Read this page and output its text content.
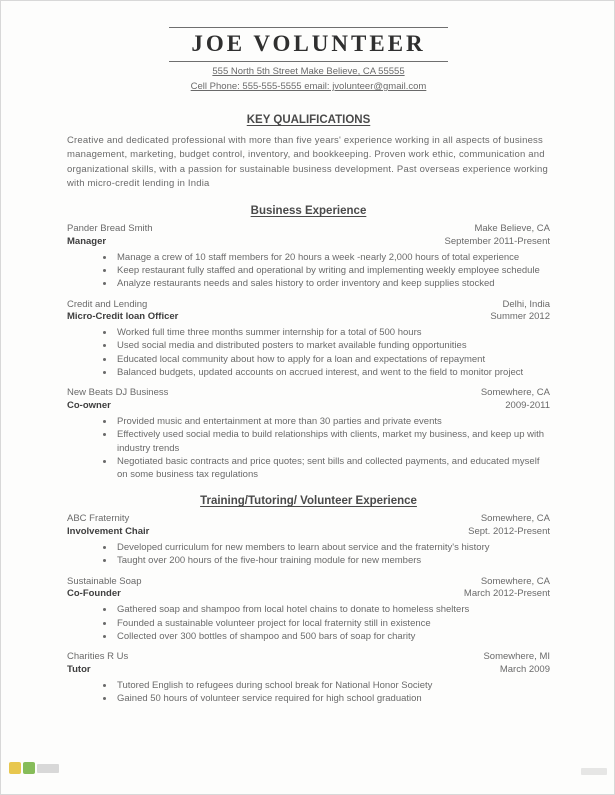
JOE VOLUNTEER
555 North 5th Street Make Believe, CA 55555
Cell Phone: 555-555-5555 email: jvolunteer@gmail.com
KEY QUALIFICATIONS

Creative and dedicated professional with more than five years' experience working in all aspects of business management, marketing, budget control, inventory, and bookkeeping. Proven work ethic, communication and organizational skills, with a passion for sustainable business development. Past overseas experience working with micro-credit lending in India

Business Experience
Pander Bread Smith	Make Believe, CA
Manager	September 2011-Present
• Manage a crew of 10 staff members for 20 hours a week -nearly 2,000 hours of total experience
• Keep restaurant fully staffed and operational by writing and implementing weekly employee schedule
• Analyze restaurants needs and sales history to order inventory and keep supplies stocked
Credit and Lending	Delhi, India
Micro-Credit loan Officer	Summer 2012
• Worked full time three months summer internship for a total of 500 hours
• Used social media and distributed posters to market available funding opportunities
• Educated local community about how to apply for a loan and expectations of repayment
• Balanced budgets, updated accounts on accrued interest, and went to the field to monitor project
New Beats DJ Business	Somewhere, CA
Co-owner	2009-2011
• Provided music and entertainment at more than 30 parties and private events
• Effectively used social media to build relationships with clients, market my business, and keep up with industry trends
• Negotiated basic contracts and price quotes; sent bills and collected payments, and educated myself on some business tax regulations
Training/Tutoring/ Volunteer Experience
ABC Fraternity	Somewhere, CA
Involvement Chair	Sept. 2012-Present
• Developed curriculum for new members to learn about service and the fraternity's history
• Taught over 200 hours of the five-hour training module for new members
Sustainable Soap	Somewhere, CA
Co-Founder	March 2012-Present
• Gathered soap and shampoo from local hotel chains to donate to homeless shelters
• Founded a sustainable volunteer project for local fraternity still in existence
• Collected over 300 bottles of shampoo and 500 bars of soap for charity
Charities R Us	Somewhere, MI
Tutor	March 2009
• Tutored English to refugees during school break for National Honor Society
• Gained 50 hours of volunteer service required for high school graduation
